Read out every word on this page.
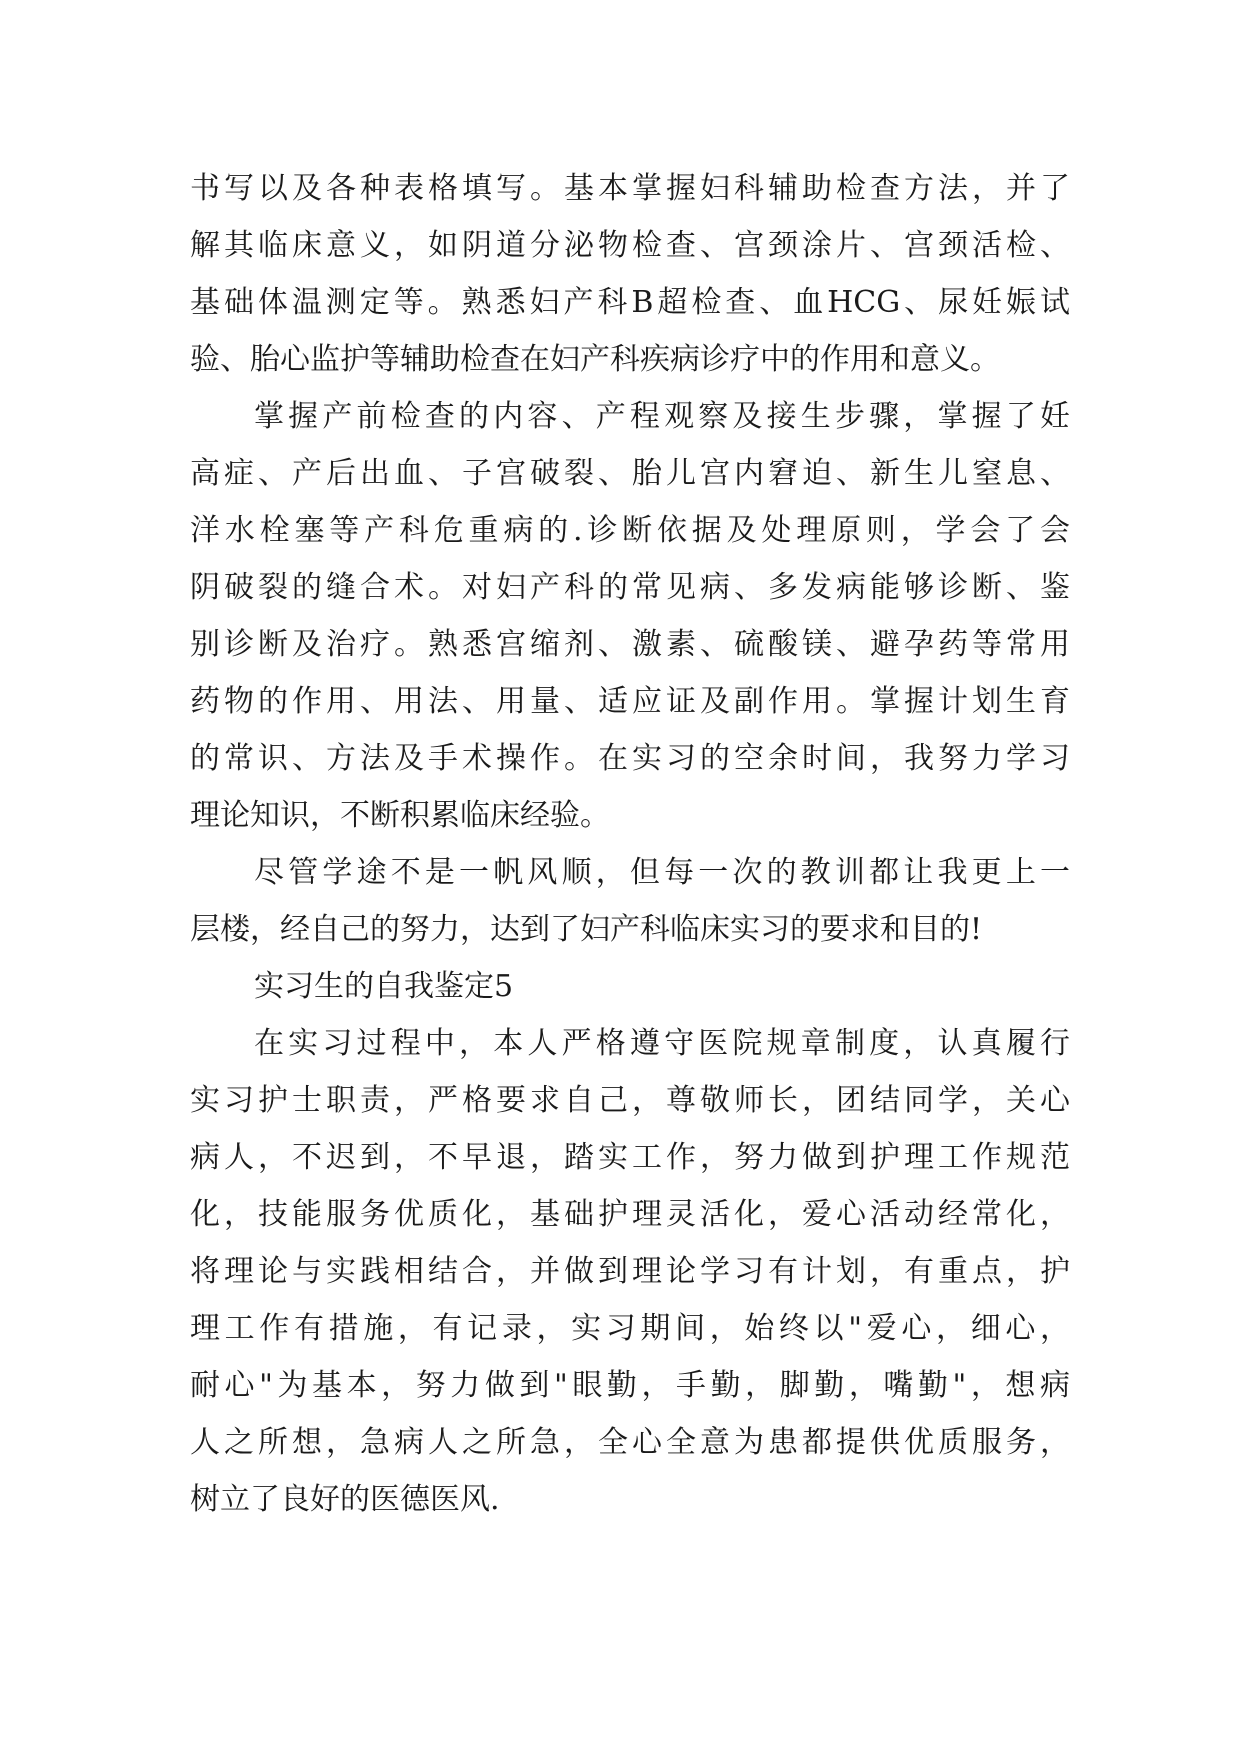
书写以及各种表格填写。基本掌握妇科辅助检查方法，并了
解其临床意义，如阴道分泌物检查、宫颈涂片、宫颈活检、
基础体温测定等。熟悉妇产科B超检查、血HCG、尿妊娠试
验、胎心监护等辅助检查在妇产科疾病诊疗中的作用和意义。
掌握产前检查的内容、产程观察及接生步骤，掌握了妊
高症、产后出血、子宫破裂、胎儿宫内窘迫、新生儿窒息、
洋水栓塞等产科危重病的.诊断依据及处理原则，学会了会
阴破裂的缝合术。对妇产科的常见病、多发病能够诊断、鉴
别诊断及治疗。熟悉宫缩剂、激素、硫酸镁、避孕药等常用
药物的作用、用法、用量、适应证及副作用。掌握计划生育
的常识、方法及手术操作。在实习的空余时间，我努力学习
理论知识，不断积累临床经验。
尽管学途不是一帆风顺，但每一次的教训都让我更上一
层楼，经自己的努力，达到了妇产科临床实习的要求和目的!
实习生的自我鉴定5
在实习过程中，本人严格遵守医院规章制度，认真履行
实习护士职责，严格要求自己，尊敬师长，团结同学，关心
病人，不迟到，不早退，踏实工作，努力做到护理工作规范
化，技能服务优质化，基础护理灵活化，爱心活动经常化，
将理论与实践相结合，并做到理论学习有计划，有重点，护
理工作有措施，有记录，实习期间，始终以"爱心，细心，
耐心"为基本，努力做到"眼勤，手勤，脚勤，嘴勤"，想病
人之所想，急病人之所急，全心全意为患都提供优质服务，
树立了良好的医德医风.
